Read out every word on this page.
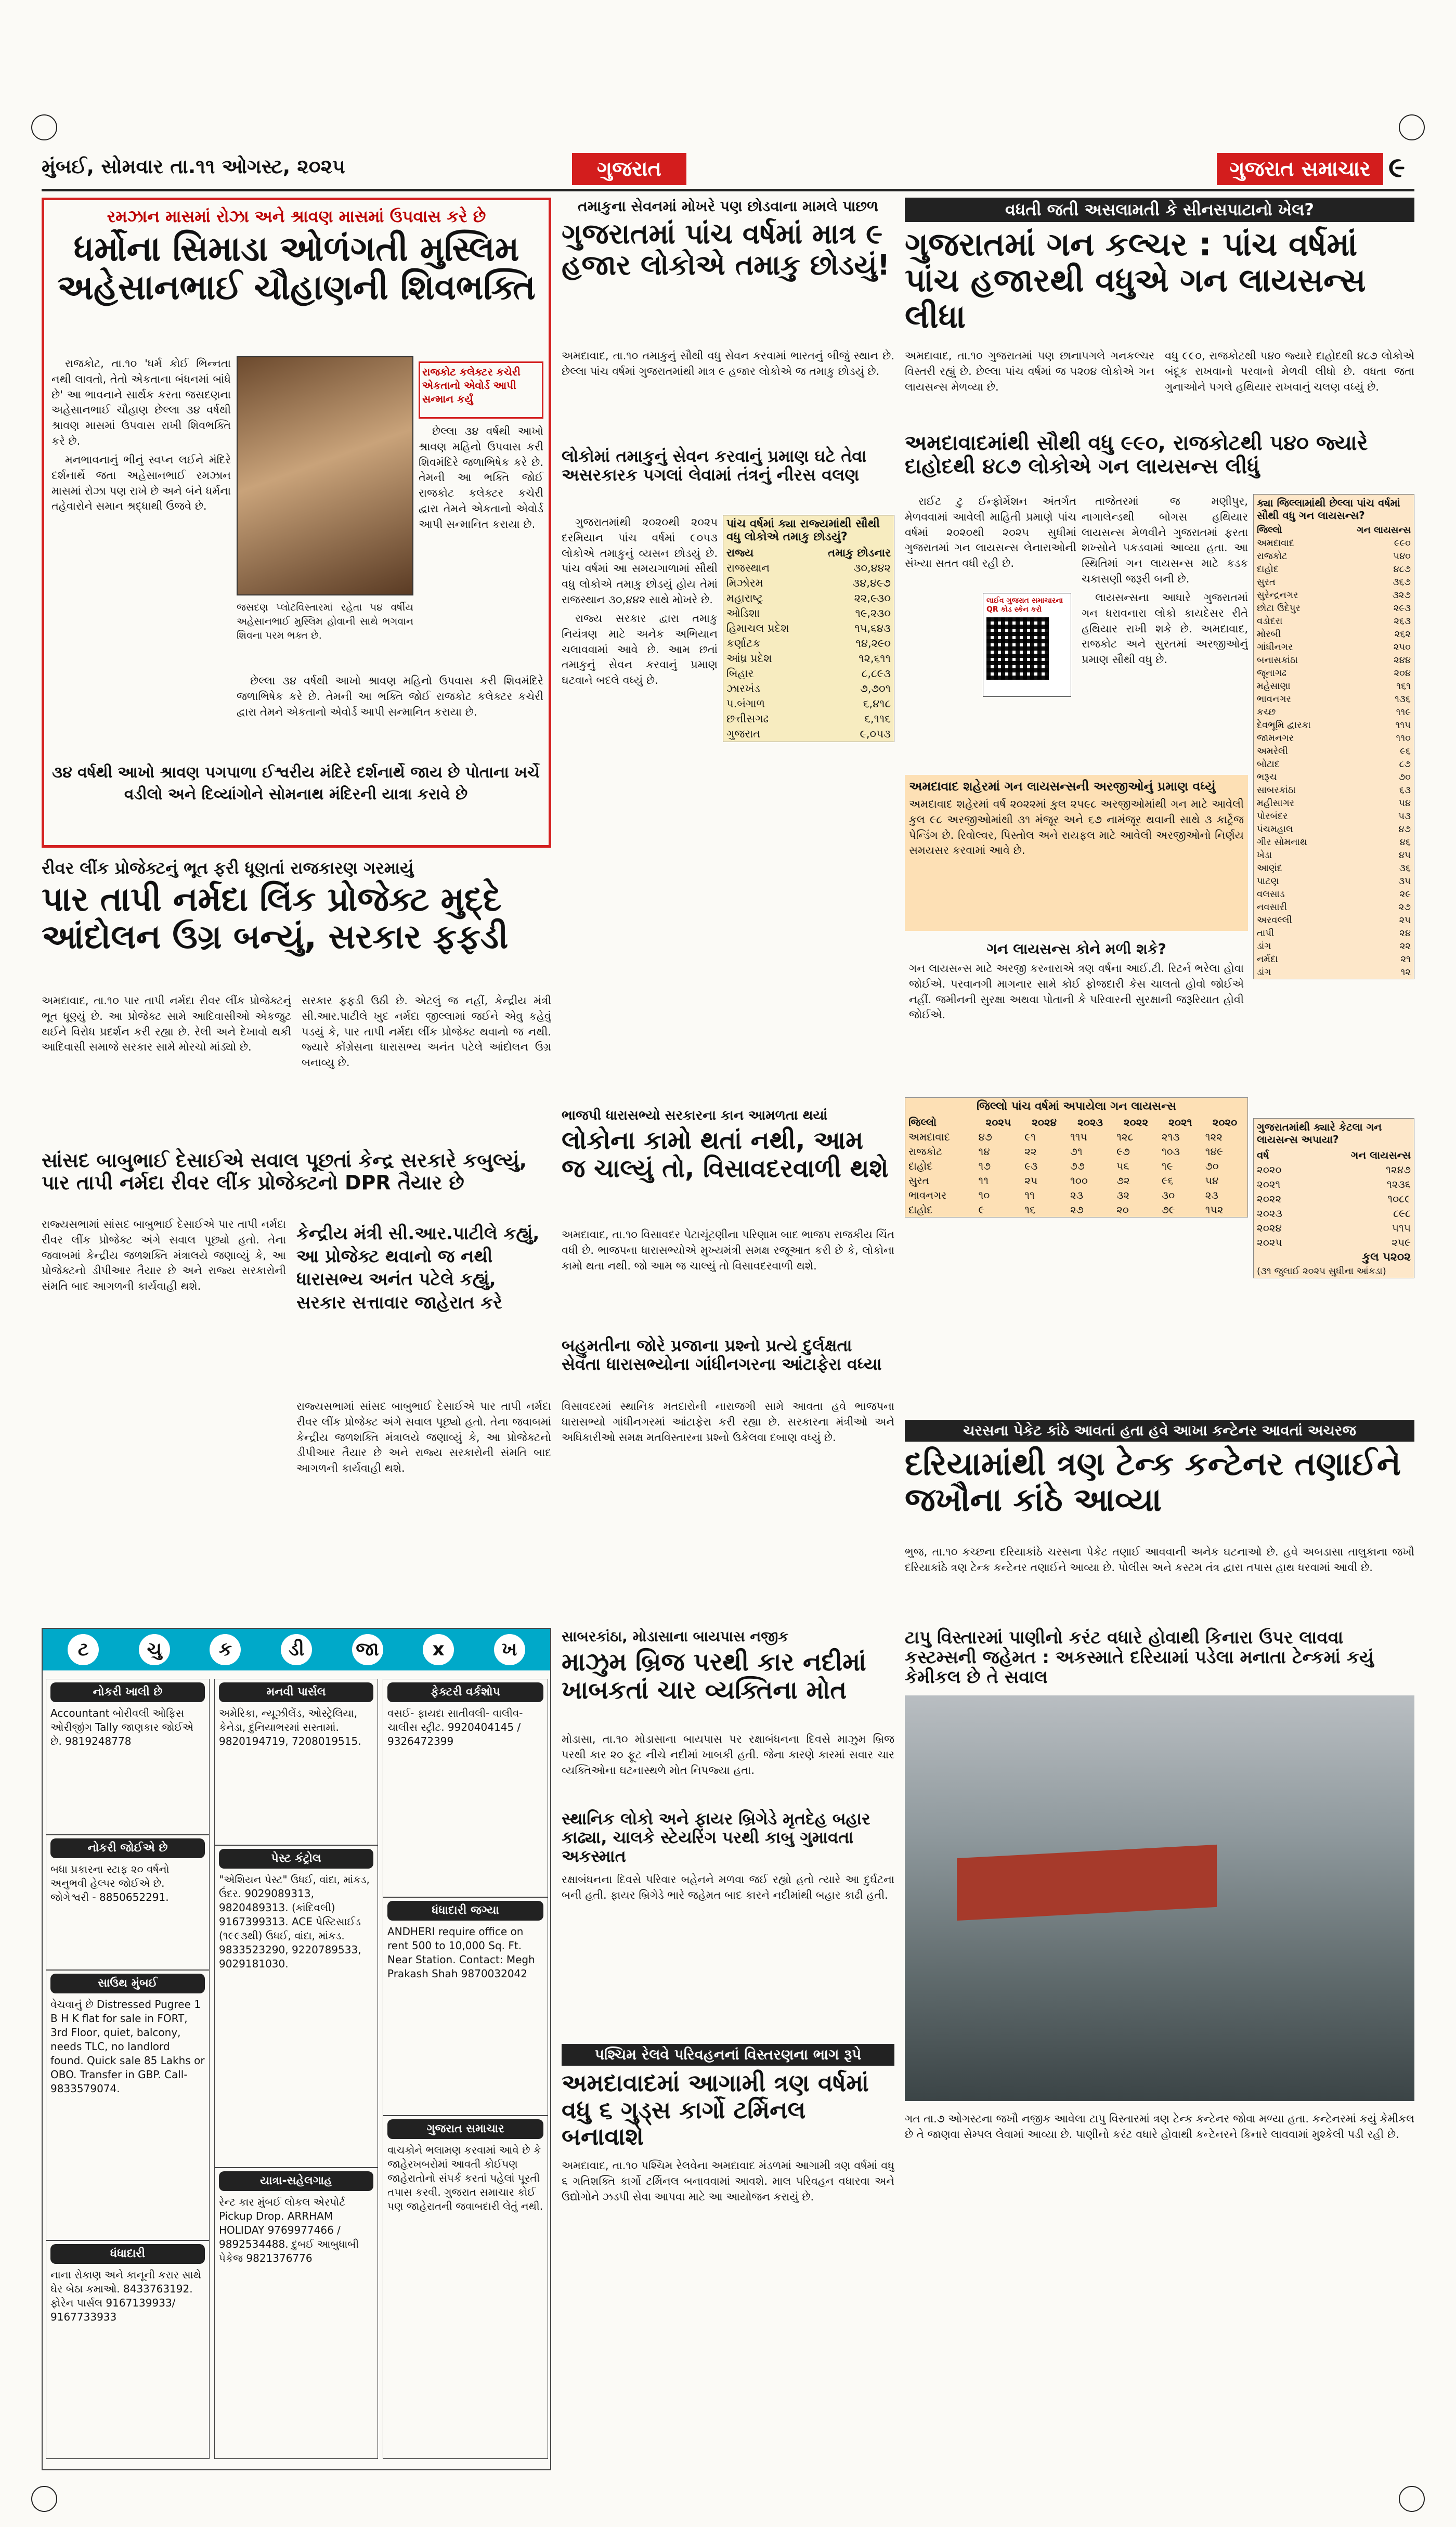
મુંબઈ, સોમવાર તા.૧૧ ઓગસ્ટ, ૨૦૨૫	ગુજરાત	ગુજરાત સમાચાર ૯
રમઝાન માસમાં રોઝા અને શ્રાવણ માસમાં ઉપવાસ કરે છે
ધર્મોના સિમાડા ઓળંગતી મુસ્લિમ અહેસાનભાઈ ચૌહાણની શિવભક્તિ
રાજકોટ કલેક્ટર કચેરી એકતાનો એવોર્ડ આપી સન્માન કર્યું

રાજકોટ, તા.૧૦ 'ધર્મ કોઈ ભિન્નતા નથી લાવતો, તેતો એકતાના બંધનમાં બાંધે છે' આ ભાવનાને સાર્થક કરતા જસદણના અહેસાનભાઈ ચૌહાણ છેલ્લા ૩૪ વર્ષથી શ્રાવણ માસમાં ઉપવાસ રાખી શિવભક્તિ કરે છે.

મનભાવનાનું ભીનું સ્વપ્ન લઈને મંદિરે દર્શનાર્થે જતા અહેસાનભાઈ રમઝાન માસમાં રોઝા પણ રાખે છે અને બંને ધર્મના તહેવારોને સમાન શ્રદ્ધાથી ઉજવે છે.

જસદણ પ્લોટવિસ્તારમાં રહેતા ૫૪ વર્ષીય અહેસાનભાઈ મુસ્લિમ હોવાની સાથે ભગવાન શિવના પરમ ભક્ત છે.

છેલ્લા ૩૪ વર્ષથી આખો શ્રાવણ મહિનો ઉપવાસ કરી શિવમંદિરે જળાભિષેક કરે છે. તેમની આ ભક્તિ જોઈ રાજકોટ કલેક્ટર કચેરી દ્વારા તેમને એકતાનો એવોર્ડ આપી સન્માનિત કરાયા છે.

છેલ્લા ૩૪ વર્ષથી આખો શ્રાવણ મહિનો ઉપવાસ કરી શિવમંદિરે જળાભિષેક કરે છે. તેમની આ ભક્તિ જોઈ રાજકોટ કલેક્ટર કચેરી દ્વારા તેમને એકતાનો એવોર્ડ આપી સન્માનિત કરાયા છે.

૩૪ વર્ષથી આખો શ્રાવણ પગપાળા ઈશ્વરીય મંદિરે દર્શનાર્થે જાય છે પોતાના ખર્ચે વડીલો અને દિવ્યાંગોને સોમનાથ મંદિરની યાત્રા કરાવે છે
તમાકુના સેવનમાં મોખરે પણ છોડવાના મામલે પાછળ
ગુજરાતમાં પાંચ વર્ષમાં માત્ર ૯ હજાર લોકોએ તમાકુ છોડયું!
અમદાવાદ, તા.૧૦ તમાકુનું સૌથી વધુ સેવન કરવામાં ભારતનું બીજું સ્થાન છે. છેલ્લા પાંચ વર્ષમાં ગુજરાતમાંથી માત્ર ૯ હજાર લોકોએ જ તમાકુ છોડયું છે.
લોકોમાં તમાકુનું સેવન કરવાનું પ્રમાણ ઘટે તેવા અસરકારક પગલાં લેવામાં તંત્રનું નીરસ વલણ

ગુજરાતમાંથી ૨૦૨૦થી ૨૦૨૫ દરમિયાન પાંચ વર્ષમાં ૯૦૫૩ લોકોએ તમાકુનું વ્યસન છોડયું છે. પાંચ વર્ષમાં આ સમયગાળામાં સૌથી વધુ લોકોએ તમાકુ છોડયું હોય તેમાં રાજસ્થાન ૩૦,૪૪૨ સાથે મોખરે છે.

રાજ્ય સરકાર દ્વારા તમાકુ નિયંત્રણ માટે અનેક અભિયાન ચલાવવામાં આવે છે. આમ છતાં તમાકુનું સેવન કરવાનું પ્રમાણ ઘટવાને બદલે વધ્યું છે.

પાંચ વર્ષમાં ક્યા રાજ્યમાંથી સૌથી વધુ લોકોએ તમાકુ છોડયું?
રાજ્ય	તમાકુ છોડનાર
રાજસ્થાન	૩૦,૪૪૨
મિઝોરમ	૩૪,૪૯૭
મહારાષ્ટ્ર	૨૨,૯૩૦
ઓડિશા	૧૯,૨૩૦
હિમાચલ પ્રદેશ	૧૫,૬૪૩
કર્ણાટક	૧૪,૨૯૦
આંધ્ર પ્રદેશ	૧૨,૬૧૧
બિહાર	૮,૮૯૩
ઝારખંડ	૭,૭૦૧
પ.બંગાળ	૬,૪૧૮
છત્તીસગઢ	૬,૧૧૬
ગુજરાત	૯,૦૫૩
વધતી જતી અસલામતી કે સીનસપાટાનો ખેલ?
ગુજરાતમાં ગન કલ્ચર : પાંચ વર્ષમાં પાંચ હજારથી વધુએ ગન લાયસન્સ લીધા
અમદાવાદ, તા.૧૦ ગુજરાતમાં પણ છાનાપગલે ગનકલ્ચર વિસ્તરી રહ્યું છે. છેલ્લા પાંચ વર્ષમાં જ ૫૨૦૪ લોકોએ ગન લાયસન્સ મેળવ્યા છે.
વધુ ૯૯૦, રાજકોટથી ૫૪૦ જ્યારે દાહોદથી ૪૮૭ લોકોએ બંદૂક રાખવાનો પરવાનો મેળવી લીધો છે. વધતા જતા ગુનાઓને પગલે હથિયાર રાખવાનું ચલણ વધ્યું છે.
અમદાવાદમાંથી સૌથી વધુ ૯૯૦, રાજકોટથી ૫૪૦ જ્યારે દાહોદથી ૪૮૭ લોકોએ ગન લાયસન્સ લીધું

રાઈટ ટુ ઈન્ફોર્મેશન અંતર્ગત મેળવવામાં આવેલી માહિતી પ્રમાણે પાંચ વર્ષમાં ૨૦૨૦થી ૨૦૨૫ સુધીમાં ગુજરાતમાં ગન લાયસન્સ લેનારાઓની સંખ્યા સતત વધી રહી છે.

તાજેતરમાં જ મણીપુર, નાગાલેન્ડથી બોગસ હથિયાર લાયસન્સ મેળવીને ગુજરાતમાં ફરતા શખ્સોને પકડવામાં આવ્યા હતા. આ સ્થિતિમાં ગન લાયસન્સ માટે કડક ચકાસણી જરૂરી બની છે.

લાયસન્સના આધારે ગુજરાતમાં ગન ધરાવનારા લોકો કાયદેસર રીતે હથિયાર રાખી શકે છે. અમદાવાદ, રાજકોટ અને સુરતમાં અરજીઓનું પ્રમાણ સૌથી વધુ છે.

લાઈવ ગુજરાત સમાચારના QR કોડ સ્કેન કરો
ક્યા જિલ્લામાંથી છેલ્લા પાંચ વર્ષમાં સૌથી વધુ ગન લાયસન્સ?
જિલ્લો	ગન લાયસન્સ
અમદાવાદ	૯૯૦
રાજકોટ	૫૪૦
દાહોદ	૪૮૭
સુરત	૩૬૭
સુરેન્દ્રનગર	૩૨૭
છોટા ઉદેપુર	૨૯૩
વડોદરા	૨૬૩
મોરબી	૨૬૨
ગાંધીનગર	૨૫૦
બનાસકાંઠા	૨૪૪
જૂનાગઢ	૨૦૪
મહેસાણા	૧૬૧
ભાવનગર	૧૩૬
કચ્છ	૧૧૯
દેવભૂમિ દ્વારકા	૧૧૫
જામનગર	૧૧૦
અમરેલી	૯૬
બોટાદ	૮૭
ભરૂચ	૭૦
સાબરકાંઠા	૬૩
મહીસાગર	૫૪
પોરબંદર	૫૩
પંચમહાલ	૪૭
ગીર સોમનાથ	૪૬
ખેડા	૪૫
આણંદ	૩૬
પાટણ	૩૫
વલસાડ	૨૯
નવસારી	૨૭
અરવલ્લી	૨૫
તાપી	૨૪
ડાંગ	૨૨
નર્મદા	૨૧
ડાંગ	૧૨
અમદાવાદ શહેરમાં ગન લાયસન્સની અરજીઓનું પ્રમાણ વધ્યું
અમદાવાદ શહેરમાં વર્ષ ૨૦૨૨માં કુલ ૨૫૯૮ અરજીઓમાંથી ગન માટે આવેલી કુલ ૯૮ અરજીઓમાંથી ૩૧ મંજૂર અને ૬૭ નામંજૂર થવાની સાથે ૩ કાર્ટ્રેજ પેન્ડિંગ છે. રિવોલ્વર, પિસ્તોલ અને રાયફલ માટે આવેલી અરજીઓનો નિર્ણય સમયસર કરવામાં આવે છે.
ગન લાયસન્સ કોને મળી શકે?
ગન લાયસન્સ માટે અરજી કરનારાએ ત્રણ વર્ષના આઈ.ટી. રિટર્ન ભરેલા હોવા જોઈએ. પરવાનગી માગનાર સામે કોઈ ફોજદારી કેસ ચાલતો હોવો જોઈએ નહીં. જમીનની સુરક્ષા અથવા પોતાની કે પરિવારની સુરક્ષાની જરૂરિયાત હોવી જોઈએ.
જિલ્લો પાંચ વર્ષમાં અપાયેલા ગન લાયસન્સ
જિલ્લો	૨૦૨૫	૨૦૨૪	૨૦૨૩	૨૦૨૨	૨૦૨૧	૨૦૨૦
અમદાવાદ	૪૭	૯૧	૧૧૫	૧૨૮	૨૧૩	૧૨૨
રાજકોટ	૧૪	૨૨	૭૧	૯૭	૧૦૩	૧૪૯
દાહોદ	૧૭	૯૩	૭૭	૫૬	૧૯	૭૦
સુરત	૧૧	૨૫	૧૦૦	૭૨	૯૬	૫૪
ભાવનગર	૧૦	૧૧	૨૩	૩૨	૩૦	૨૩
દાહોદ	૯	૧૬	૨૭	૨૦	૭૯	૧૫૨
ગુજરાતમાંથી ક્યારે કેટલા ગન લાયસન્સ અપાયા?
વર્ષ	ગન લાયસન્સ
૨૦૨૦	૧૨૪૭
૨૦૨૧	૧૨૩૬
૨૦૨૨	૧૦૮૯
૨૦૨૩	૮૯૮
૨૦૨૪	૫૧૫
૨૦૨૫	૨૫૯
કુલ ૫૨૦૨
(૩૧ જુલાઈ ૨૦૨૫ સુધીના આંકડા)
રીવર લીંક પ્રોજેક્ટનું ભૂત ફરી ધૂણતાં રાજકારણ ગરમાયું
પાર તાપી નર્મદા લિંક પ્રોજેક્ટ મુદ્દે આંદોલન ઉગ્ર બન્યું, સરકાર ફફડી
અમદાવાદ, તા.૧૦ પાર તાપી નર્મદા રીવર લીંક પ્રોજેક્ટનું ભૂત ધૂણ્યું છે. આ પ્રોજેક્ટ સામે આદિવાસીઓ એકજુટ થઈને વિરોધ પ્રદર્શન કરી રહ્યા છે. રેલી અને દેખાવો થકી આદિવાસી સમાજે સરકાર સામે મોરચો માંડ્યો છે.
સરકાર ફફડી ઉઠી છે. એટલું જ નહીં, કેન્દ્રીય મંત્રી સી.આર.પાટીલે ખુદ નર્મદા જીલ્લામાં જઈને એવુ કહેવું પડયું કે, પાર તાપી નર્મદા લીંક પ્રોજેક્ટ થવાનો જ નથી. જ્યારે કોંગ્રેસના ધારાસભ્ય અનંત પટેલે આંદોલન ઉગ્ર બનાવ્યુ છે.
સાંસદ બાબુભાઈ દેસાઈએ સવાલ પૂછતાં કેન્દ્ર સરકારે કબુલ્યું, પાર તાપી નર્મદા રીવર લીંક પ્રોજેક્ટનો DPR તૈયાર છે
રાજ્યસભામાં સાંસદ બાબુભાઈ દેસાઈએ પાર તાપી નર્મદા રીવર લીંક પ્રોજેક્ટ અંગે સવાલ પૂછ્યો હતો. તેના જવાબમાં કેન્દ્રીય જળશક્તિ મંત્રાલયે જણાવ્યું કે, આ પ્રોજેક્ટનો ડીપીઆર તૈયાર છે અને રાજ્ય સરકારોની સંમતિ બાદ આગળની કાર્યવાહી થશે.
કેન્દ્રીય મંત્રી સી.આર.પાટીલે કહ્યું, આ પ્રોજેક્ટ થવાનો જ નથી ધારાસભ્ય અનંત પટેલે કહ્યું, સરકાર સત્તાવાર જાહેરાત કરે
રાજ્યસભામાં સાંસદ બાબુભાઈ દેસાઈએ પાર તાપી નર્મદા રીવર લીંક પ્રોજેક્ટ અંગે સવાલ પૂછ્યો હતો. તેના જવાબમાં કેન્દ્રીય જળશક્તિ મંત્રાલયે જણાવ્યું કે, આ પ્રોજેક્ટનો ડીપીઆર તૈયાર છે અને રાજ્ય સરકારોની સંમતિ બાદ આગળની કાર્યવાહી થશે.
ભાજપી ધારાસભ્યો સરકારના કાન આમળતા થયાં
લોકોના કામો થતાં નથી, આમ જ ચાલ્યું તો, વિસાવદરવાળી થશે
અમદાવાદ, તા.૧૦ વિસાવદર પેટાચૂંટણીના પરિણામ બાદ ભાજપ રાજકીય ચિંત વધી છે. ભાજપના ધારાસભ્યોએ મુખ્યમંત્રી સમક્ષ રજૂઆત કરી છે કે, લોકોના કામો થતા નથી. જો આમ જ ચાલ્યું તો વિસાવદરવાળી થશે.
બહુમતીના જોરે પ્રજાના પ્રશ્નો પ્રત્યે દુર્લક્ષતા સેવતા ધારાસભ્યોના ગાંધીનગરના આંટાફેરા વધ્યા
વિસાવદરમાં સ્થાનિક મતદારોની નારાજગી સામે આવતા હવે ભાજપના ધારાસભ્યો ગાંધીનગરમાં આંટાફેરા કરી રહ્યા છે. સરકારના મંત્રીઓ અને અધિકારીઓ સમક્ષ મતવિસ્તારના પ્રશ્નો ઉકેલવા દબાણ વધ્યું છે.
સાબરકાંઠા, મોડાસાના બાયપાસ નજીક
માઝુમ બ્રિજ પરથી કાર નદીમાં ખાબકતાં ચાર વ્યક્તિના મોત
મોડાસા, તા.૧૦ મોડાસાના બાયપાસ પર રક્ષાબંધનના દિવસે માઝુમ બ્રિજ પરથી કાર ૨૦ ફૂટ નીચે નદીમાં ખાબકી હતી. જેના કારણે કારમાં સવાર ચાર વ્યક્તિઓના ઘટનાસ્થળે મોત નિપજ્યા હતા.
સ્થાનિક લોકો અને ફાયર બ્રિગેડે મૃતદેહ બહાર કાઢ્યા, ચાલકે સ્ટેયરિંગ પરથી કાબુ ગુમાવતા અકસ્માત
રક્ષાબંધનના દિવસે પરિવાર બહેનને મળવા જઈ રહ્યો હતો ત્યારે આ દુર્ઘટના બની હતી. ફાયર બ્રિગેડે ભારે જહેમત બાદ કારને નદીમાંથી બહાર કાઢી હતી.
પશ્ચિમ રેલવે પરિવહનનાં વિસ્તરણના ભાગ રૂપે
અમદાવાદમાં આગામી ત્રણ વર્ષમાં વધુ ૬ ગુડ્સ કાર્ગો ટર્મિનલ બનાવાશે
અમદાવાદ, તા.૧૦ પશ્ચિમ રેલવેના અમદાવાદ મંડળમાં આગામી ત્રણ વર્ષમાં વધુ ૬ ગતિશક્તિ કાર્ગો ટર્મિનલ બનાવવામાં આવશે. માલ પરિવહન વધારવા અને ઉદ્યોગોને ઝડપી સેવા આપવા માટે આ આયોજન કરાયું છે.
ચરસના પેકેટ કાંઠે આવતાં હતા હવે આખા કન્ટેનર આવતાં અચરજ
દરિયામાંથી ત્રણ ટેન્ક કન્ટેનર તણાઈને જખૌના કાંઠે આવ્યા
ભુજ, તા.૧૦ કચ્છના દરિયાકાંઠે ચરસના પેકેટ તણાઈ આવવાની અનેક ઘટનાઓ છે. હવે અબડાસા તાલુકાના જખૌ દરિયાકાંઠે ત્રણ ટેન્ક કન્ટેનર તણાઈને આવ્યા છે. પોલીસ અને કસ્ટમ તંત્ર દ્વારા તપાસ હાથ ધરવામાં આવી છે.
ટાપુ વિસ્તારમાં પાણીનો કરંટ વધારે હોવાથી કિનારા ઉપર લાવવા કસ્ટમ્સની જહેમત : અકસ્માતે દરિયામાં પડેલા મનાતા ટેન્કમાં કયું કેમીકલ છે તે સવાલ
ગત તા.૭ ઓગસ્ટના જખૌ નજીક આવેલા ટાપુ વિસ્તારમાં ત્રણ ટેન્ક કન્ટેનર જોવા મળ્યા હતા. કન્ટેનરમાં કયું કેમીકલ છે તે જાણવા સેમ્પલ લેવામાં આવ્યા છે. પાણીનો કરંટ વધારે હોવાથી કન્ટેનરને કિનારે લાવવામાં મુશ્કેલી પડી રહી છે.
ટ	ચુ	ક	ડી	જા	x	ખ
નોકરી ખાલી છે
Accountant બોરીવલી ઓફિસ ઓરીજીંગ Tally જાણકાર જોઈએ છે. 9819248778
નોકરી જોઈએ છે
બધા પ્રકારના સ્ટાફ ૨૦ વર્ષનો અનુભવી હેલ્પર જોઈએ છે. જોગેશ્વરી - 8850652291.
સાઉથ મુંબઈ
વેચવાનું છે Distressed Pugree 1 B H K flat for sale in FORT, 3rd Floor, quiet, balcony, needs TLC, no landlord found. Quick sale 85 Lakhs or OBO. Transfer in GBP. Call- 9833579074.
ધંધાદારી
નાના રોકાણ અને કાનૂની કરાર સાથે ઘેર બેઠા કમાઓ. 8433763192. ફોરેન પાર્સલ 9167139933/ 9167733933
મનવી પાર્સલ
અમેરિકા, ન્યૂઝીલેંડ, ઓસ્ટ્રેલિયા, કેનેડા, દુનિયાભરમાં સસ્તામાં. 9820194719, 7208019515.
પેસ્ટ કંટ્રોલ
"એશિયન પેસ્ટ" ઉધઈ, વાંદા, માંકડ, ઉંદર. 9029089313, 9820489313. (કાંદિવલી) 9167399313. ACE પેસ્ટિસાઈડ (૧૯૯૩થી) ઉધઈ, વાંદા, માંકડ. 9833523290, 9220789533, 9029181030.
યાત્રા-સહેલગાહ
રેન્ટ કાર મુંબઈ લોકલ એરપોર્ટ Pickup Drop. ARRHAM HOLIDAY 9769977466 / 9892534488. દુબઈ આબુધાબી પેકેજ 9821376776
ફેક્ટરી વર્કશોપ
વસઈ- ફાયદા સાતીવલી- વાલીવ- ચાલીસ સ્ટ્રીટ. 9920404145 / 9326472399
ધંધાદારી જગ્યા
ANDHERI require office on rent 500 to 10,000 Sq. Ft. Near Station. Contact: Megh Prakash Shah 9870032042
ગુજરાત સમાચાર
વાચકોને ભલામણ કરવામાં આવે છે કે જાહેરખબરોમાં આવતી કોઈપણ જાહેરાતોનો સંપર્ક કરતાં પહેલાં પૂરતી તપાસ કરવી. ગુજરાત સમાચાર કોઈ પણ જાહેરાતની જવાબદારી લેતું નથી.
